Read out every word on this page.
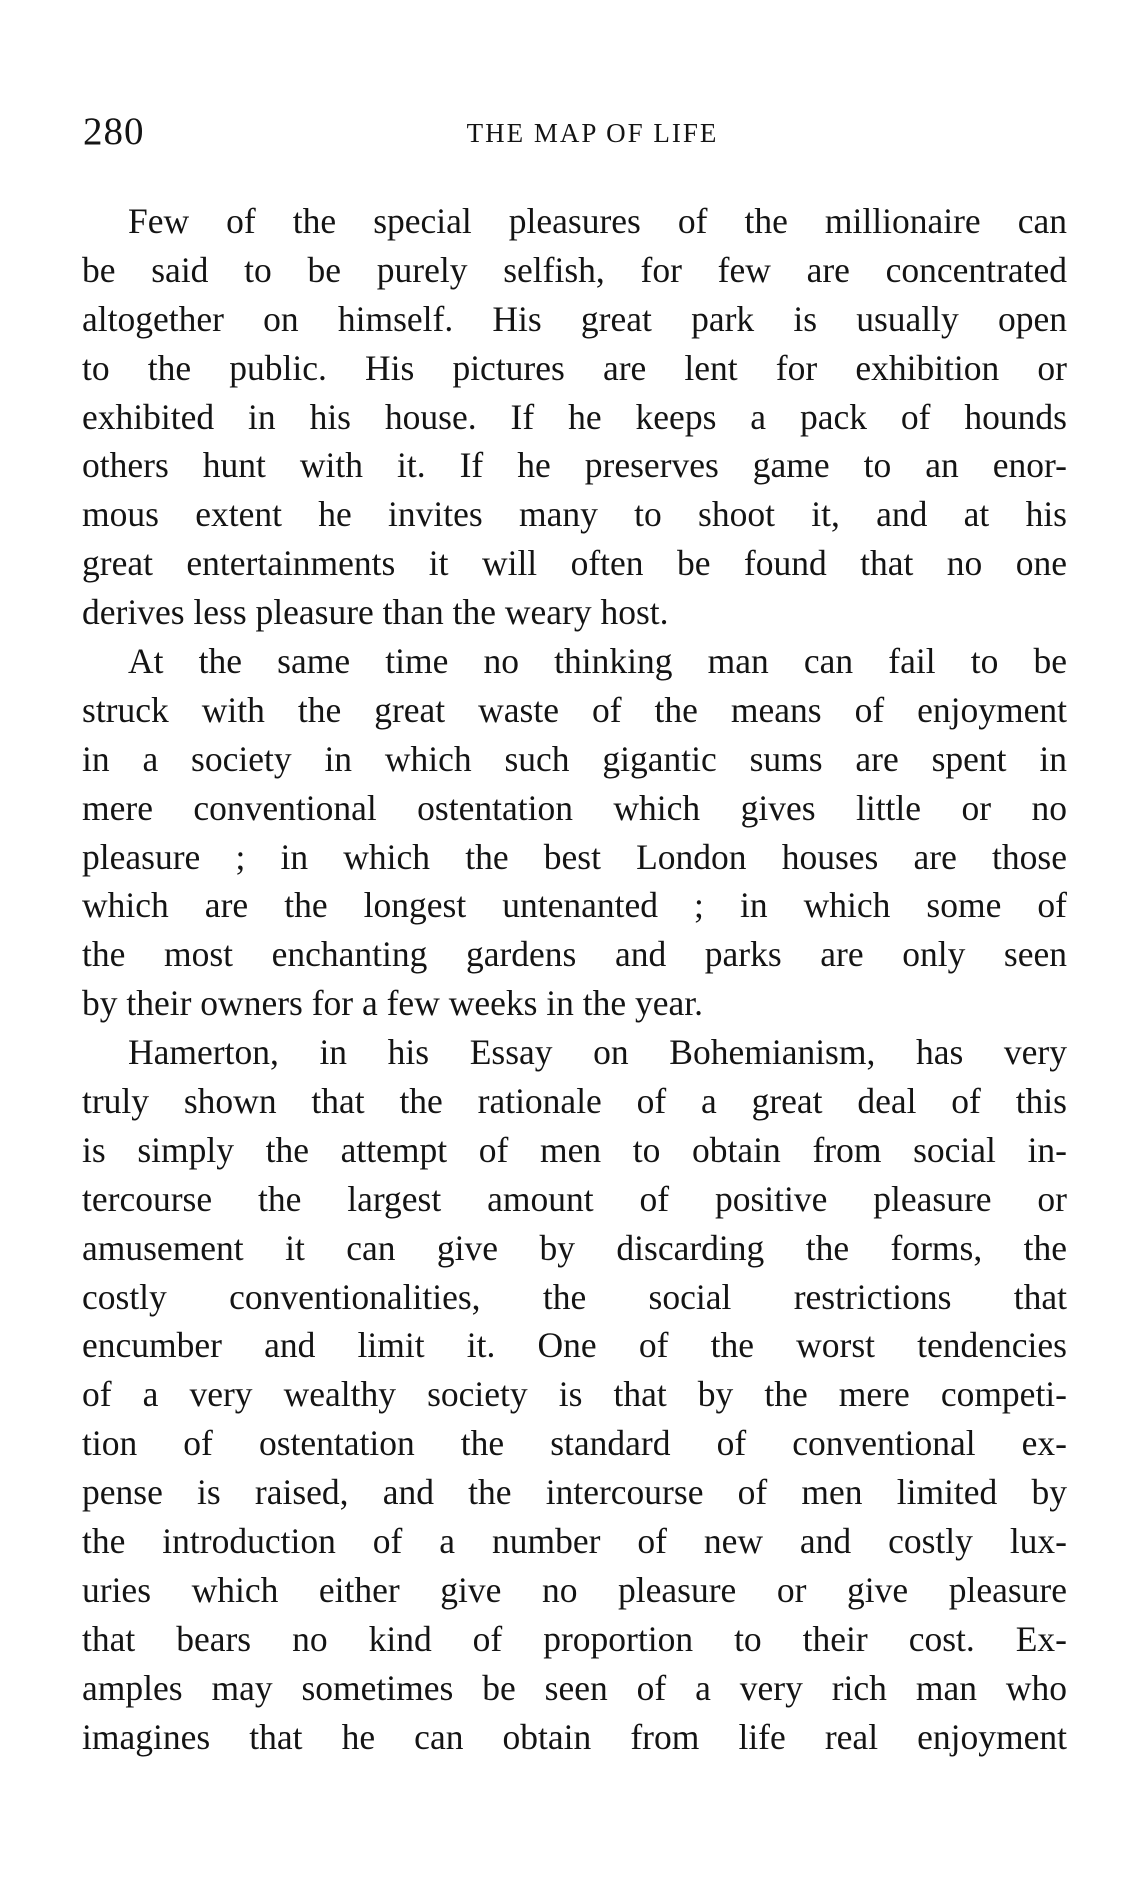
280	THE MAP OF LIFE

Few of the special pleasures of the millionaire can
be said to be purely selfish, for few are concentrated
altogether on himself. His great park is usually open
to the public. His pictures are lent for exhibition or
exhibited in his house. If he keeps a pack of hounds
others hunt with it. If he preserves game to an enor-
mous extent he invites many to shoot it, and at his
great entertainments it will often be found that no one
derives less pleasure than the weary host.

At the same time no thinking man can fail to be
struck with the great waste of the means of enjoyment
in a society in which such gigantic sums are spent in
mere conventional ostentation which gives little or no
pleasure ; in which the best London houses are those
which are the longest untenanted ; in which some of
the most enchanting gardens and parks are only seen
by their owners for a few weeks in the year.

Hamerton, in his Essay on Bohemianism, has very
truly shown that the rationale of a great deal of this
is simply the attempt of men to obtain from social in-
tercourse the largest amount of positive pleasure or
amusement it can give by discarding the forms, the
costly conventionalities, the social restrictions that
encumber and limit it. One of the worst tendencies
of a very wealthy society is that by the mere competi-
tion of ostentation the standard of conventional ex-
pense is raised, and the intercourse of men limited by
the introduction of a number of new and costly lux-
uries which either give no pleasure or give pleasure
that bears no kind of proportion to their cost. Ex-
amples may sometimes be seen of a very rich man who
imagines that he can obtain from life real enjoyment
